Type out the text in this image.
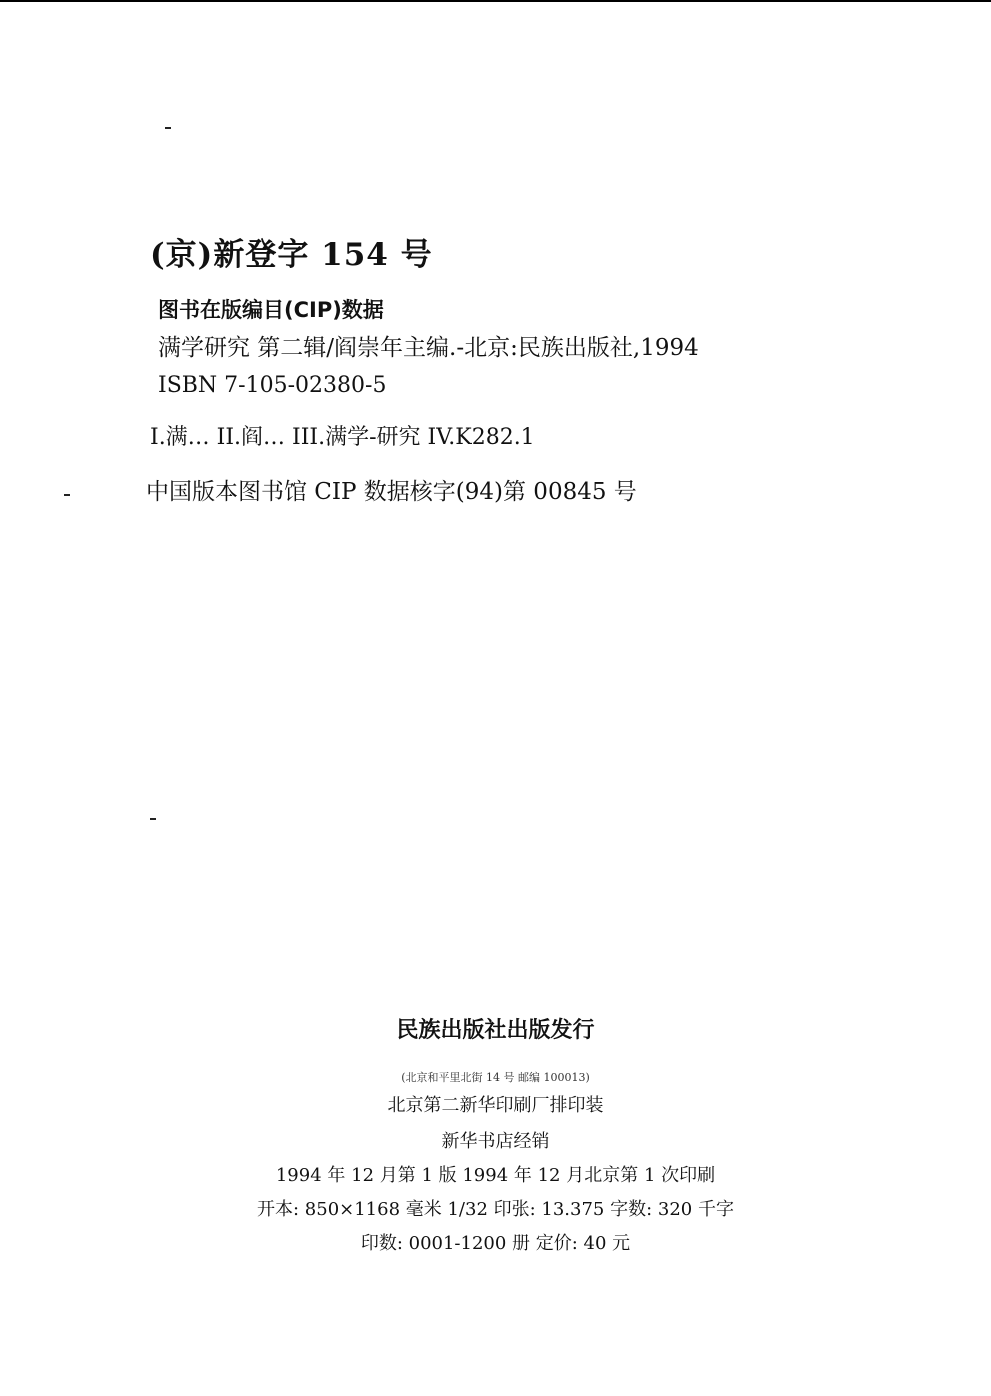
(京)新登字 154 号
图书在版编目(CIP)数据
满学研究 第二辑/阎崇年主编.-北京:民族出版社,1994
ISBN 7-105-02380-5
I.满… II.阎… III.满学-研究 IV.K282.1
中国版本图书馆 CIP 数据核字(94)第 00845 号
民族出版社出版发行
(北京和平里北街 14 号 邮编 100013)
北京第二新华印刷厂排印装
新华书店经销
1994 年 12 月第 1 版 1994 年 12 月北京第 1 次印刷
开本: 850×1168 毫米 1/32 印张: 13.375 字数: 320 千字
印数: 0001-1200 册 定价: 40 元
